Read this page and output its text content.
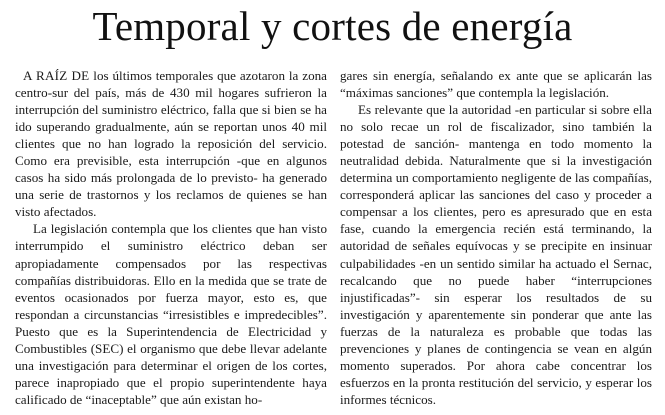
Temporal y cortes de energía

A RAÍZ DE los últimos temporales que azotaron la zona centro-sur del país, más de 430 mil hogares sufrieron la interrupción del suministro eléctrico, falla que si bien se ha ido superando gradualmente, aún se reportan unos 40 mil clientes que no han logrado la reposición del servicio. Como era previsible, esta interrupción -que en algunos casos ha sido más prolongada de lo previsto- ha generado una serie de trastornos y los reclamos de quienes se han visto afectados.

La legislación contempla que los clientes que han visto interrumpido el suministro eléctrico deban ser apropiadamente compensados por las respectivas compañías distribuidoras. Ello en la medida que se trate de eventos ocasionados por fuerza mayor, esto es, que respondan a circunstancias “irresistibles e impredecibles”. Puesto que es la Superintendencia de Electricidad y Combustibles (SEC) el organismo que debe llevar adelante una investigación para determinar el origen de los cortes, parece inapropiado que el propio superintendente haya calificado de “inaceptable” que aún existan ho-

gares sin energía, señalando ex ante que se aplicarán las “máximas sanciones” que contempla la legislación.

Es relevante que la autoridad -en particular si sobre ella no solo recae un rol de fiscalizador, sino también la potestad de sanción- mantenga en todo momento la neutralidad debida. Naturalmente que si la investigación determina un comportamiento negligente de las compañías, corresponderá aplicar las sanciones del caso y proceder a compensar a los clientes, pero es apresurado que en esta fase, cuando la emergencia recién está terminando, la autoridad de señales equívocas y se precipite en insinuar culpabilidades -en un sentido similar ha actuado el Sernac, recalcando que no puede haber “interrupciones injustificadas”- sin esperar los resultados de su investigación y aparentemente sin ponderar que ante las fuerzas de la naturaleza es probable que todas las prevenciones y planes de contingencia se vean en algún momento superados. Por ahora cabe concentrar los esfuerzos en la pronta restitución del servicio, y esperar los informes técnicos.
